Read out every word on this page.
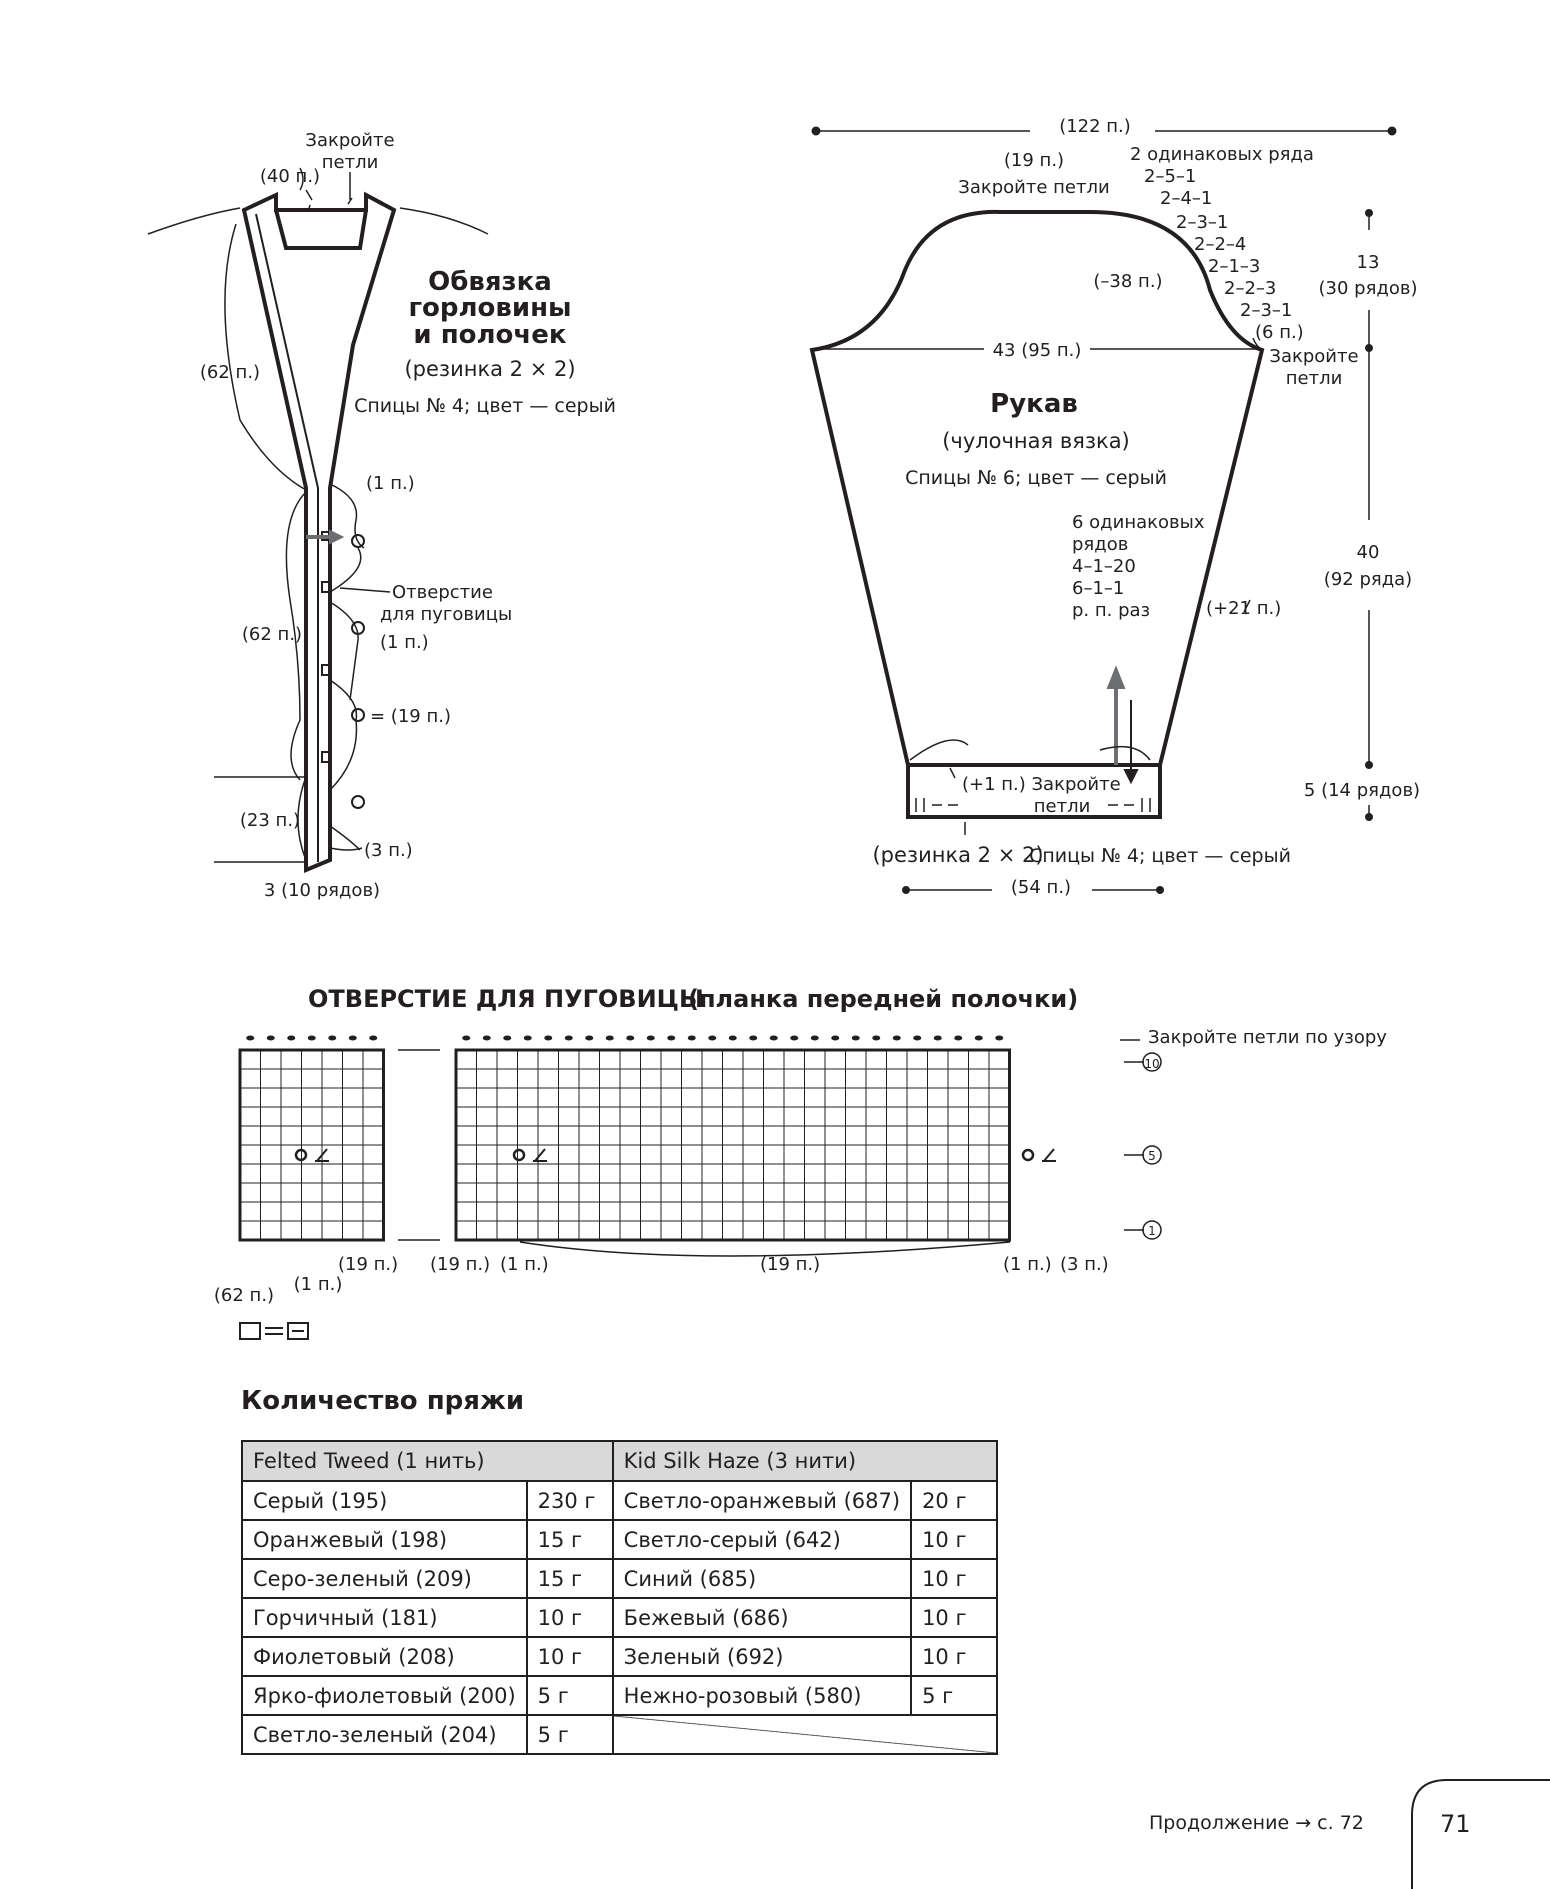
Закройте
петли
(40 п.)
Обвязка
горловины
и полочек
(резинка 2 × 2)
Спицы № 4; цвет — серый
(62 п.)
(1 п.)
Отверстие
для пуговицы
(62 п.)	(1 п.)
= (19 п.)
(23 п.)
(3 п.)
3 (10 рядов)
(122 п.)
(19 п.)
Закройте петли
2 одинаковых ряда
2–5–1
2–4–1
2–3–1
2–2–4
2–1–3
2–2–3
2–3–1
(6 п.)
(–38 п.)
43 (95 п.)	Закройте
петли
Рукав
(чулочная вязка)
Спицы № 6; цвет — серый
6 одинаковых
рядов
4–1–20
6–1–1
р. п. раз	(+21 п.)
13
(30 рядов)
40
(92 ряда)
5 (14 рядов)
(+1 п.) Закройте
петли
(резинка 2 × 2)
Спицы № 4; цвет — серый
(54 п.)
ОТВЕРСТИЕ ДЛЯ ПУГОВИЦЫ
(планка передней полочки)
Закройте петли по узору
10
5
1
(19 п.) (19 п.) (1 п.)	(19 п.)	(1 п.) (3 п.)
(62 п.)
(1 п.)
Количество пряжи
Felted Tweed (1 нить)		Kid Silk Haze (3 нити)	
Серый (195)	230 г	Светло-оранжевый (687)	20 г
Оранжевый (198)	15 г	Светло-серый (642)	10 г
Серо-зеленый (209)	15 г	Синий (685)	10 г
Горчичный (181)	10 г	Бежевый (686)	10 г
Фиолетовый (208)	10 г	Зеленый (692)	10 г
Ярко-фиолетовый (200)	5 г	Нежно-розовый (580)	5 г
Светло-зеленый (204)	5 г		
Продолжение → с. 72	71
